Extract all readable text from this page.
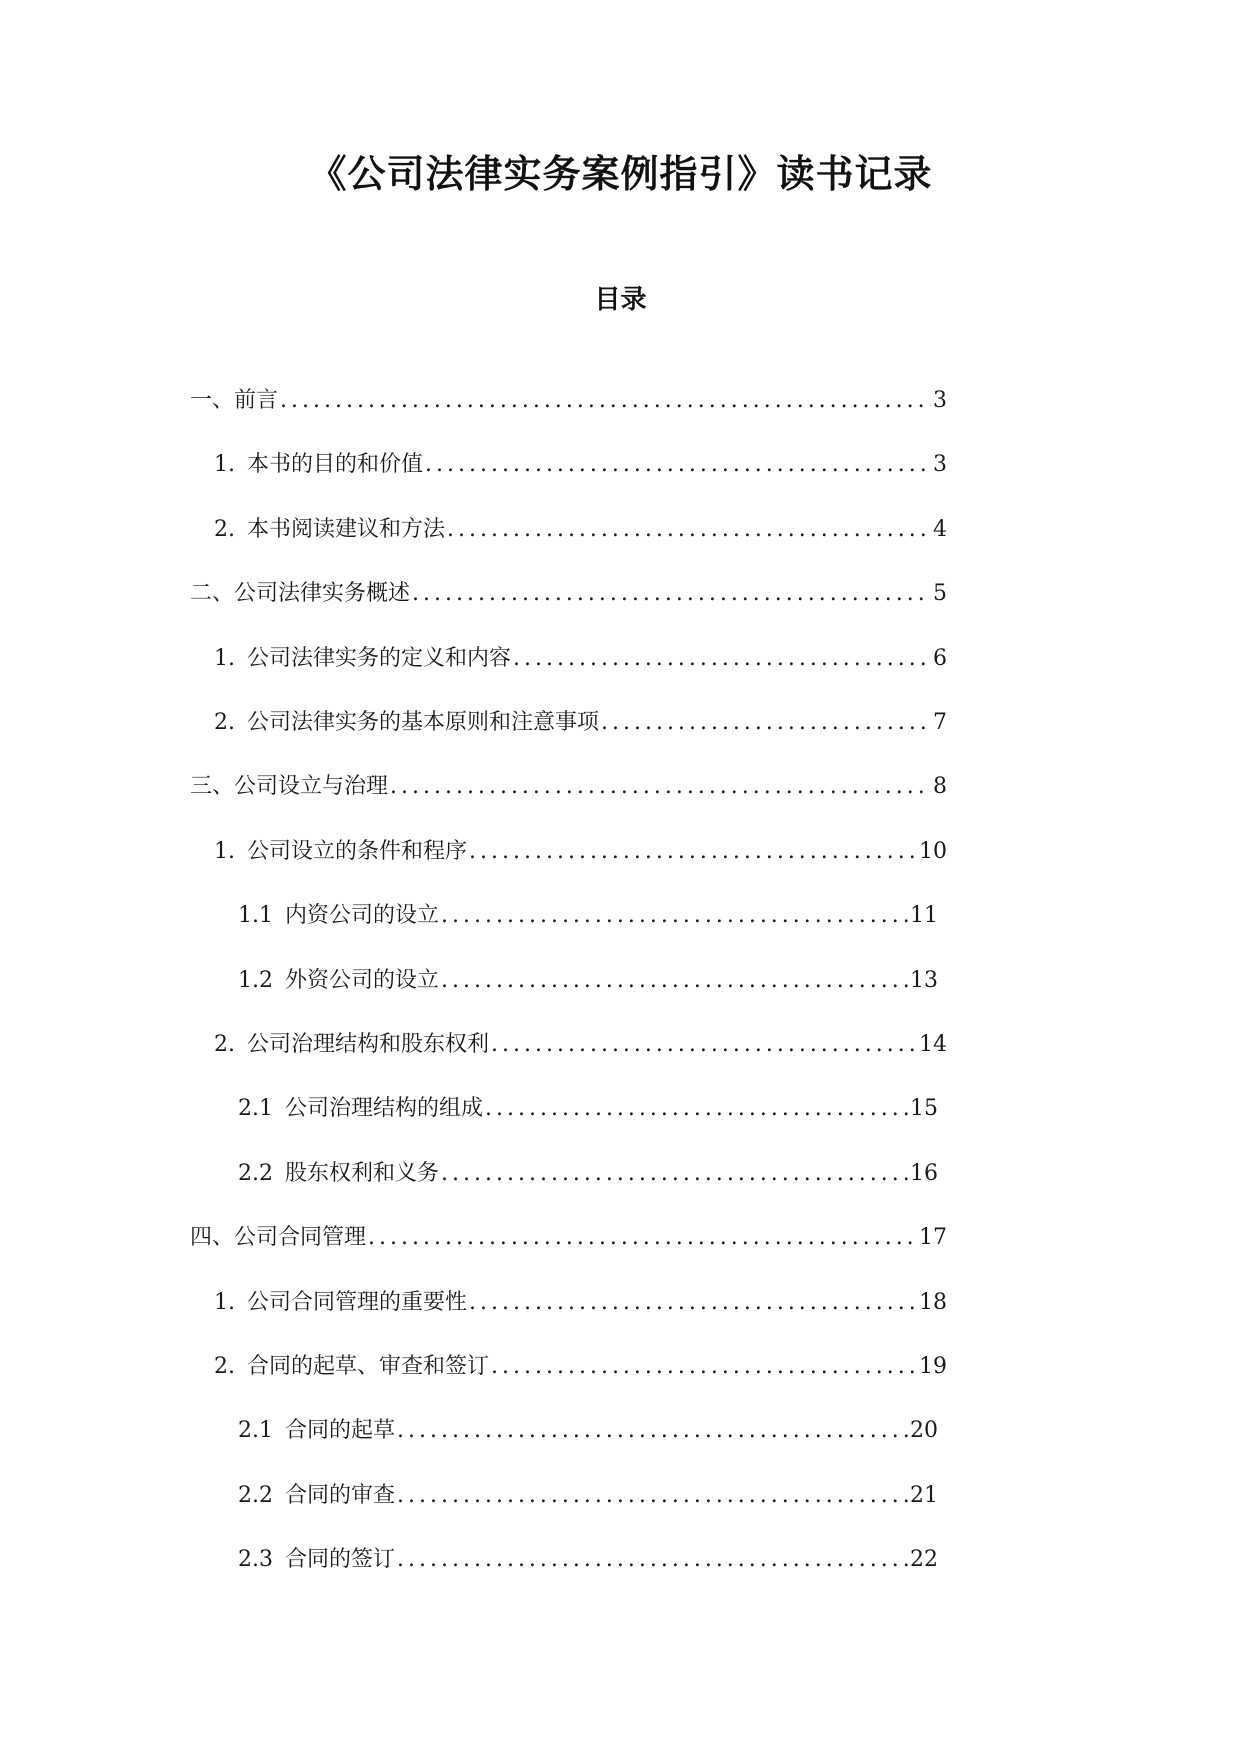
《公司法律实务案例指引》读书记录
目录
一、前言 .....	3
1. 本书的目的和价值 .....	3
2. 本书阅读建议和方法 .....	4
二、公司法律实务概述 .....	5
1. 公司法律实务的定义和内容 .....	6
2. 公司法律实务的基本原则和注意事项 .....	7
三、公司设立与治理 .....	8
1. 公司设立的条件和程序 .....	10
1.1 内资公司的设立 .....	11
1.2 外资公司的设立 .....	13
2. 公司治理结构和股东权利 .....	14
2.1 公司治理结构的组成 .....	15
2.2 股东权利和义务 .....	16
四、公司合同管理 .....	17
1. 公司合同管理的重要性 .....	18
2. 合同的起草、审查和签订 .....	19
2.1 合同的起草 .....	20
2.2 合同的审查 .....	21
2.3 合同的签订 .....	22
